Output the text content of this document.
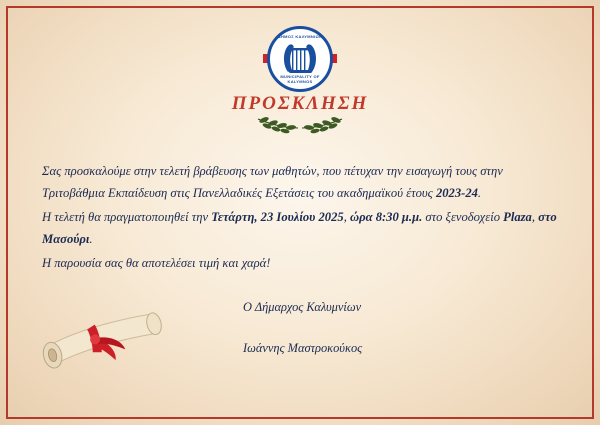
ΔΗΜΟΣ ΚΑΛΥΜΝΙΩΝ
MUNICIPALITY OF KALYMNOS
ΠΡΟΣΚΛΗΣΗ

Σας προσκαλούμε στην τελετή βράβευσης των μαθητών, που πέτυχαν την εισαγωγή τους στην Τριτοβάθμια Εκπαίδευση στις Πανελλαδικές Εξετάσεις του ακαδημαϊκού έτους 2023-24.

Η τελετή θα πραγματοποιηθεί την Τετάρτη, 23 Ιουλίου 2025, ώρα 8:30 μ.μ. στο ξενοδοχείο Plaza, στο Μασούρι.

Η παρουσία σας θα αποτελέσει τιμή και χαρά!

Ο Δήμαρχος Καλυμνίων
Ιωάννης Μαστροκούκος
